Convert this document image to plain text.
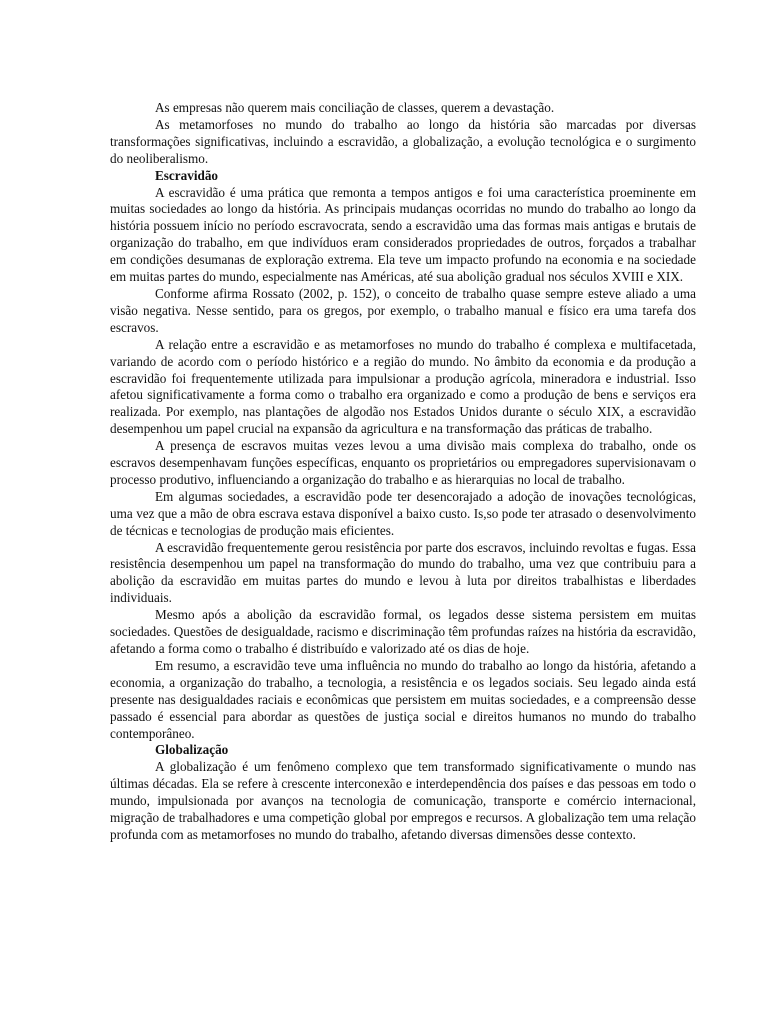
As empresas não querem mais conciliação de classes, querem a devastação.

As metamorfoses no mundo do trabalho ao longo da história são marcadas por diversas transformações significativas, incluindo a escravidão, a globalização, a evolução tecnológica e o surgimento do neoliberalismo.

Escravidão

A escravidão é uma prática que remonta a tempos antigos e foi uma característica proeminente em muitas sociedades ao longo da história. As principais mudanças ocorridas no mundo do trabalho ao longo da história possuem início no período escravocrata, sendo a escravidão uma das formas mais antigas e brutais de organização do trabalho, em que indivíduos eram considerados propriedades de outros, forçados a trabalhar em condições desumanas de exploração extrema. Ela teve um impacto profundo na economia e na sociedade em muitas partes do mundo, especialmente nas Américas, até sua abolição gradual nos séculos XVIII e XIX.

Conforme afirma Rossato (2002, p. 152), o conceito de trabalho quase sempre esteve aliado a uma visão negativa. Nesse sentido, para os gregos, por exemplo, o trabalho manual e físico era uma tarefa dos escravos.

A relação entre a escravidão e as metamorfoses no mundo do trabalho é complexa e multifacetada, variando de acordo com o período histórico e a região do mundo. No âmbito da economia e da produção a escravidão foi frequentemente utilizada para impulsionar a produção agrícola, mineradora e industrial. Isso afetou significativamente a forma como o trabalho era organizado e como a produção de bens e serviços era realizada. Por exemplo, nas plantações de algodão nos Estados Unidos durante o século XIX, a escravidão desempenhou um papel crucial na expansão da agricultura e na transformação das práticas de trabalho.

A presença de escravos muitas vezes levou a uma divisão mais complexa do trabalho, onde os escravos desempenhavam funções específicas, enquanto os proprietários ou empregadores supervisionavam o processo produtivo, influenciando a organização do trabalho e as hierarquias no local de trabalho.

Em algumas sociedades, a escravidão pode ter desencorajado a adoção de inovações tecnológicas, uma vez que a mão de obra escrava estava disponível a baixo custo. Is,so pode ter atrasado o desenvolvimento de técnicas e tecnologias de produção mais eficientes.

A escravidão frequentemente gerou resistência por parte dos escravos, incluindo revoltas e fugas. Essa resistência desempenhou um papel na transformação do mundo do trabalho, uma vez que contribuiu para a abolição da escravidão em muitas partes do mundo e levou à luta por direitos trabalhistas e liberdades individuais.

Mesmo após a abolição da escravidão formal, os legados desse sistema persistem em muitas sociedades. Questões de desigualdade, racismo e discriminação têm profundas raízes na história da escravidão, afetando a forma como o trabalho é distribuído e valorizado até os dias de hoje.

Em resumo, a escravidão teve uma influência no mundo do trabalho ao longo da história, afetando a economia, a organização do trabalho, a tecnologia, a resistência e os legados sociais. Seu legado ainda está presente nas desigualdades raciais e econômicas que persistem em muitas sociedades, e a compreensão desse passado é essencial para abordar as questões de justiça social e direitos humanos no mundo do trabalho contemporâneo.

Globalização

A globalização é um fenômeno complexo que tem transformado significativamente o mundo nas últimas décadas. Ela se refere à crescente interconexão e interdependência dos países e das pessoas em todo o mundo, impulsionada por avanços na tecnologia de comunicação, transporte e comércio internacional, migração de trabalhadores e uma competição global por empregos e recursos. A globalização tem uma relação profunda com as metamorfoses no mundo do trabalho, afetando diversas dimensões desse contexto.
